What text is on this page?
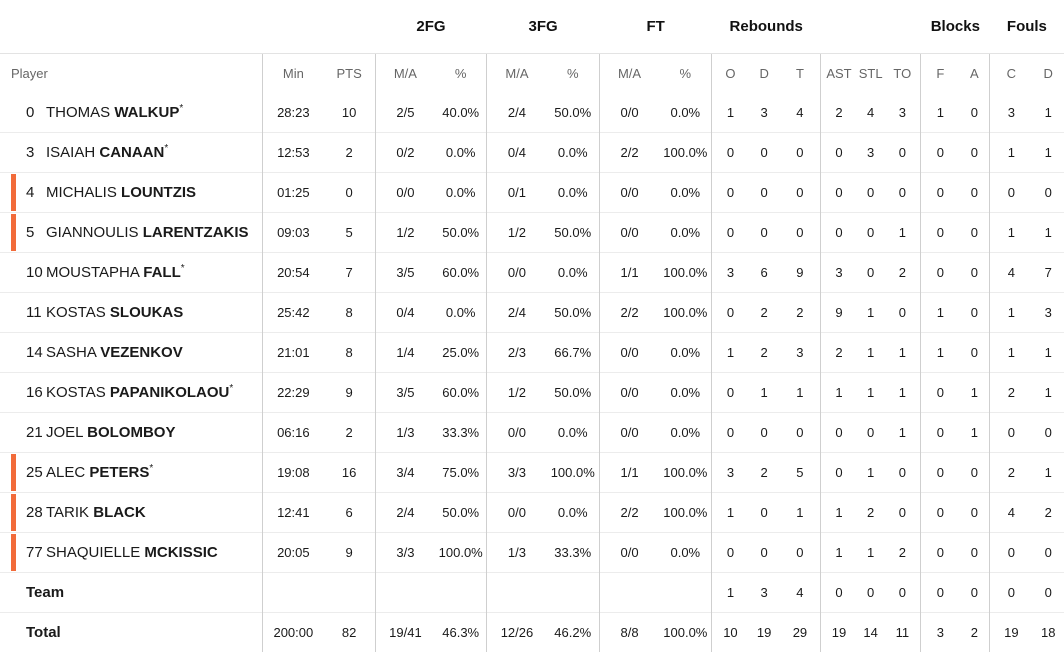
			2FG		3FG		FT		Rebounds						Blocks		Fouls	
Player	Min	PTS	M/A	%	M/A	%	M/A	%	O	D	T	AST	STL	TO	F	A	C	D
0 THOMAS WALKUP*	28:23	10	2/5	40.0%	2/4	50.0%	0/0	0.0%	1	3	4	2	4	3	1	0	3	1
3 ISAIAH CANAAN*	12:53	2	0/2	0.0%	0/4	0.0%	2/2	100.0%	0	0	0	0	3	0	0	0	1	1

4 MICHALIS LOUNTZIS	01:25	0	0/0	0.0%	0/1	0.0%	0/0	0.0%	0	0	0	0	0	0	0	0	0	0

5 GIANNOULIS LARENTZAKIS	09:03	5	1/2	50.0%	1/2	50.0%	0/0	0.0%	0	0	0	0	0	1	0	0	1	1
10 MOUSTAPHA FALL*	20:54	7	3/5	60.0%	0/0	0.0%	1/1	100.0%	3	6	9	3	0	2	0	0	4	7
11 KOSTAS SLOUKAS	25:42	8	0/4	0.0%	2/4	50.0%	2/2	100.0%	0	2	2	9	1	0	1	0	1	3
14 SASHA VEZENKOV	21:01	8	1/4	25.0%	2/3	66.7%	0/0	0.0%	1	2	3	2	1	1	1	0	1	1
16 KOSTAS PAPANIKOLAOU*	22:29	9	3/5	60.0%	1/2	50.0%	0/0	0.0%	0	1	1	1	1	1	0	1	2	1
21 JOEL BOLOMBOY	06:16	2	1/3	33.3%	0/0	0.0%	0/0	0.0%	0	0	0	0	0	1	0	1	0	0

25 ALEC PETERS*	19:08	16	3/4	75.0%	3/3	100.0%	1/1	100.0%	3	2	5	0	1	0	0	0	2	1

28 TARIK BLACK	12:41	6	2/4	50.0%	0/0	0.0%	2/2	100.0%	1	0	1	1	2	0	0	0	4	2

77 SHAQUIELLE MCKISSIC	20:05	9	3/3	100.0%	1/3	33.3%	0/0	0.0%	0	0	0	1	1	2	0	0	0	0
Team									1	3	4	0	0	0	0	0	0	0
Total	200:00	82	19/41	46.3%	12/26	46.2%	8/8	100.0%	10	19	29	19	14	11	3	2	19	18
